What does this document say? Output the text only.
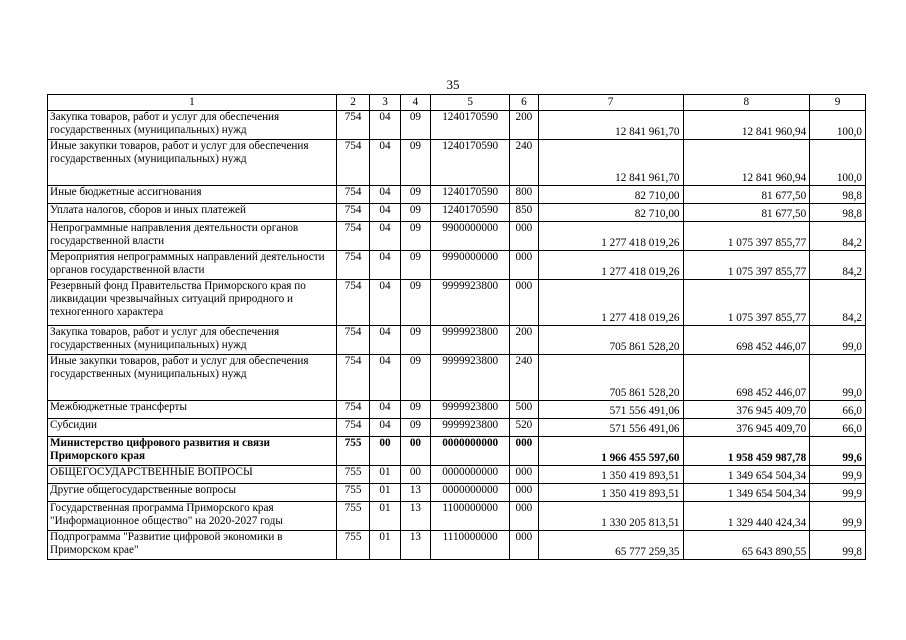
35
1	2	3	4	5	6	7	8	9
Закупка товаров, работ и услуг для обеспечения государственных (муниципальных) нужд	754	04	09	1240170590	200	12 841 961,70	12 841 960,94	100,0
Иные закупки товаров, работ и услуг для обеспечения государственных (муниципальных) нужд	754	04	09	1240170590	240	12 841 961,70	12 841 960,94	100,0
Иные бюджетные ассигнования	754	04	09	1240170590	800	82 710,00	81 677,50	98,8
Уплата налогов, сборов и иных платежей	754	04	09	1240170590	850	82 710,00	81 677,50	98,8
Непрограммные направления деятельности органов государственной власти	754	04	09	9900000000	000	1 277 418 019,26	1 075 397 855,77	84,2
Мероприятия непрограммных направлений деятельности органов государственной власти	754	04	09	9990000000	000	1 277 418 019,26	1 075 397 855,77	84,2
Резервный фонд Правительства Приморского края по ликвидации чрезвычайных ситуаций природного и техногенного характера	754	04	09	9999923800	000	1 277 418 019,26	1 075 397 855,77	84,2
Закупка товаров, работ и услуг для обеспечения государственных (муниципальных) нужд	754	04	09	9999923800	200	705 861 528,20	698 452 446,07	99,0
Иные закупки товаров, работ и услуг для обеспечения государственных (муниципальных) нужд	754	04	09	9999923800	240	705 861 528,20	698 452 446,07	99,0
Межбюджетные трансферты	754	04	09	9999923800	500	571 556 491,06	376 945 409,70	66,0
Субсидии	754	04	09	9999923800	520	571 556 491,06	376 945 409,70	66,0
Министерство цифрового развития и связи Приморского края	755	00	00	0000000000	000	1 966 455 597,60	1 958 459 987,78	99,6
ОБЩЕГОСУДАРСТВЕННЫЕ ВОПРОСЫ	755	01	00	0000000000	000	1 350 419 893,51	1 349 654 504,34	99,9
Другие общегосударственные вопросы	755	01	13	0000000000	000	1 350 419 893,51	1 349 654 504,34	99,9
Государственная программа Приморского края "Информационное общество" на 2020-2027 годы	755	01	13	1100000000	000	1 330 205 813,51	1 329 440 424,34	99,9
Подпрограмма "Развитие цифровой экономики в Приморском крае"	755	01	13	1110000000	000	65 777 259,35	65 643 890,55	99,8
